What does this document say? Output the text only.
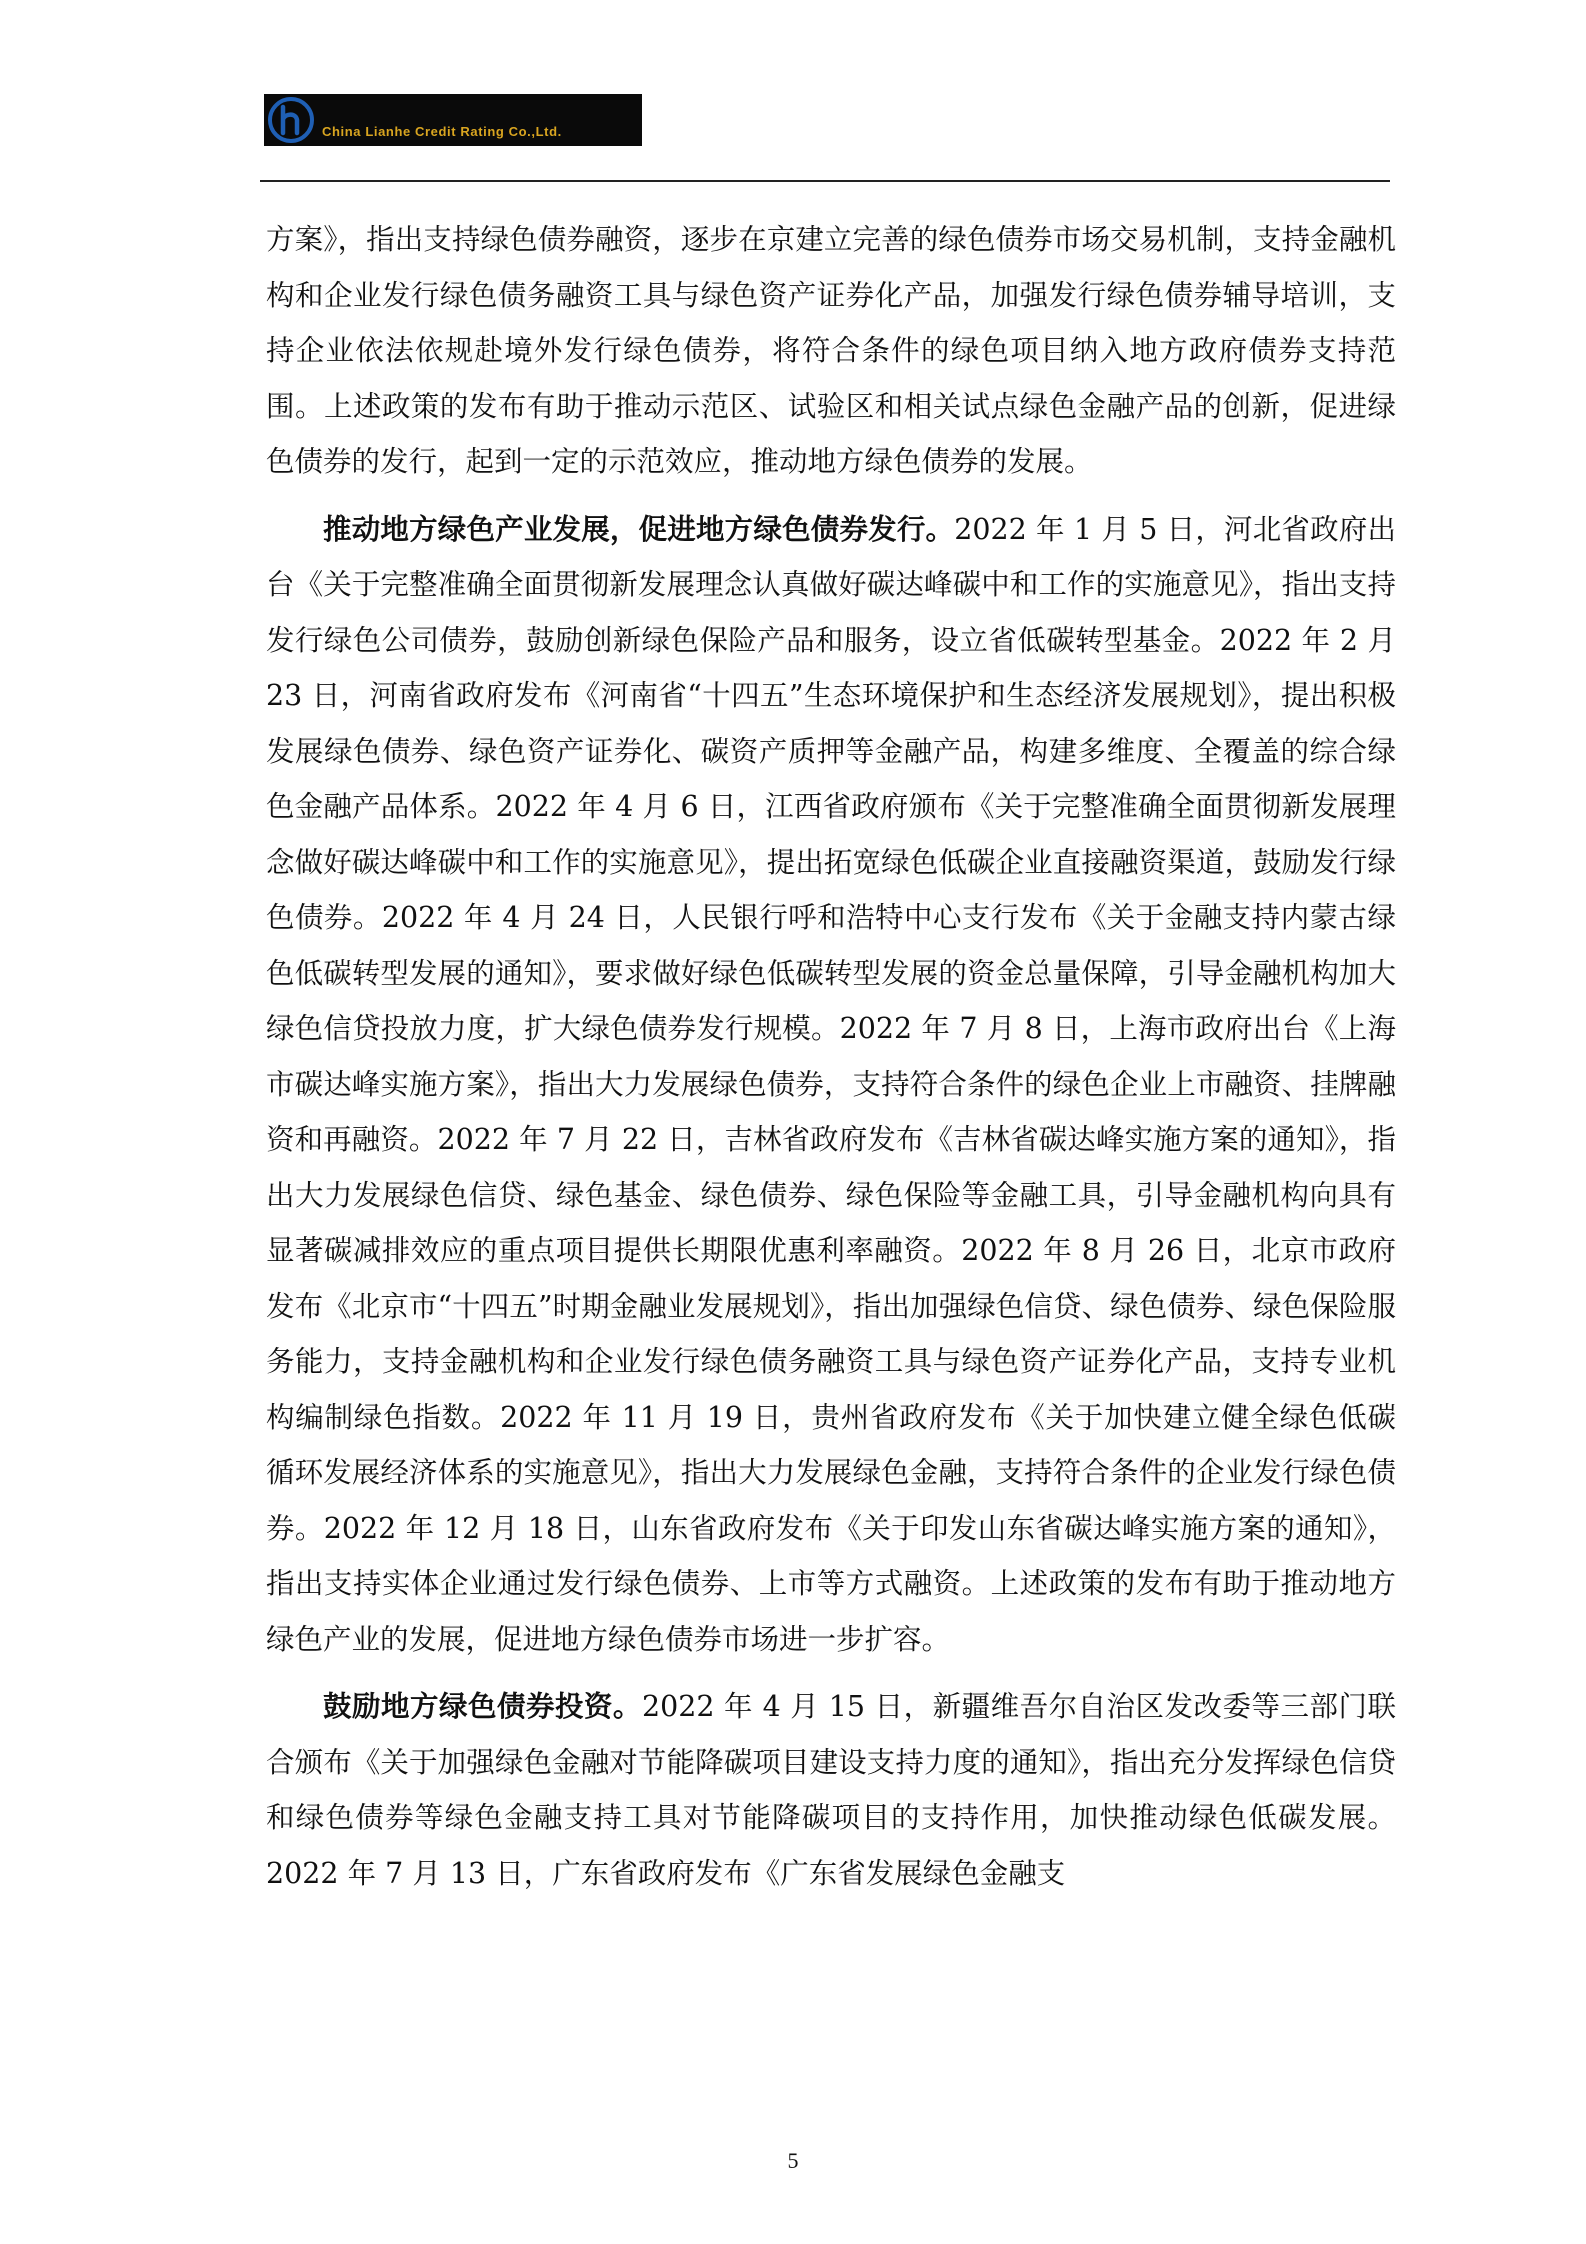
China Lianhe Credit Rating Co.,Ltd.

方案》，指出支持绿色债券融资，逐步在京建立完善的绿色债券市场交易机制，支持金融机构和企业发行绿色债务融资工具与绿色资产证券化产品，加强发行绿色债券辅导培训，支持企业依法依规赴境外发行绿色债券，将符合条件的绿色项目纳入地方政府债券支持范围。上述政策的发布有助于推动示范区、试验区和相关试点绿色金融产品的创新，促进绿色债券的发行，起到一定的示范效应，推动地方绿色债券的发展。

推动地方绿色产业发展，促进地方绿色债券发行。2022 年 1 月 5 日，河北省政府出台《关于完整准确全面贯彻新发展理念认真做好碳达峰碳中和工作的实施意见》，指出支持发行绿色公司债券，鼓励创新绿色保险产品和服务，设立省低碳转型基金。2022 年 2 月 23 日，河南省政府发布《河南省“十四五”生态环境保护和生态经济发展规划》，提出积极发展绿色债券、绿色资产证券化、碳资产质押等金融产品，构建多维度、全覆盖的综合绿色金融产品体系。2022 年 4 月 6 日，江西省政府颁布《关于完整准确全面贯彻新发展理念做好碳达峰碳中和工作的实施意见》，提出拓宽绿色低碳企业直接融资渠道，鼓励发行绿色债券。2022 年 4 月 24 日，人民银行呼和浩特中心支行发布《关于金融支持内蒙古绿色低碳转型发展的通知》，要求做好绿色低碳转型发展的资金总量保障，引导金融机构加大绿色信贷投放力度，扩大绿色债券发行规模。2022 年 7 月 8 日，上海市政府出台《上海市碳达峰实施方案》，指出大力发展绿色债券，支持符合条件的绿色企业上市融资、挂牌融资和再融资。2022 年 7 月 22 日，吉林省政府发布《吉林省碳达峰实施方案的通知》，指出大力发展绿色信贷、绿色基金、绿色债券、绿色保险等金融工具，引导金融机构向具有显著碳减排效应的重点项目提供长期限优惠利率融资。2022 年 8 月 26 日，北京市政府发布《北京市“十四五”时期金融业发展规划》，指出加强绿色信贷、绿色债券、绿色保险服务能力，支持金融机构和企业发行绿色债务融资工具与绿色资产证券化产品，支持专业机构编制绿色指数。2022 年 11 月 19 日，贵州省政府发布《关于加快建立健全绿色低碳循环发展经济体系的实施意见》，指出大力发展绿色金融，支持符合条件的企业发行绿色债券。2022 年 12 月 18 日，山东省政府发布《关于印发山东省碳达峰实施方案的通知》，指出支持实体企业通过发行绿色债券、上市等方式融资。上述政策的发布有助于推动地方绿色产业的发展，促进地方绿色债券市场进一步扩容。

鼓励地方绿色债券投资。2022 年 4 月 15 日，新疆维吾尔自治区发改委等三部门联合颁布《关于加强绿色金融对节能降碳项目建设支持力度的通知》，指出充分发挥绿色信贷和绿色债券等绿色金融支持工具对节能降碳项目的支持作用，加快推动绿色低碳发展。2022 年 7 月 13 日，广东省政府发布《广东省发展绿色金融支

5
